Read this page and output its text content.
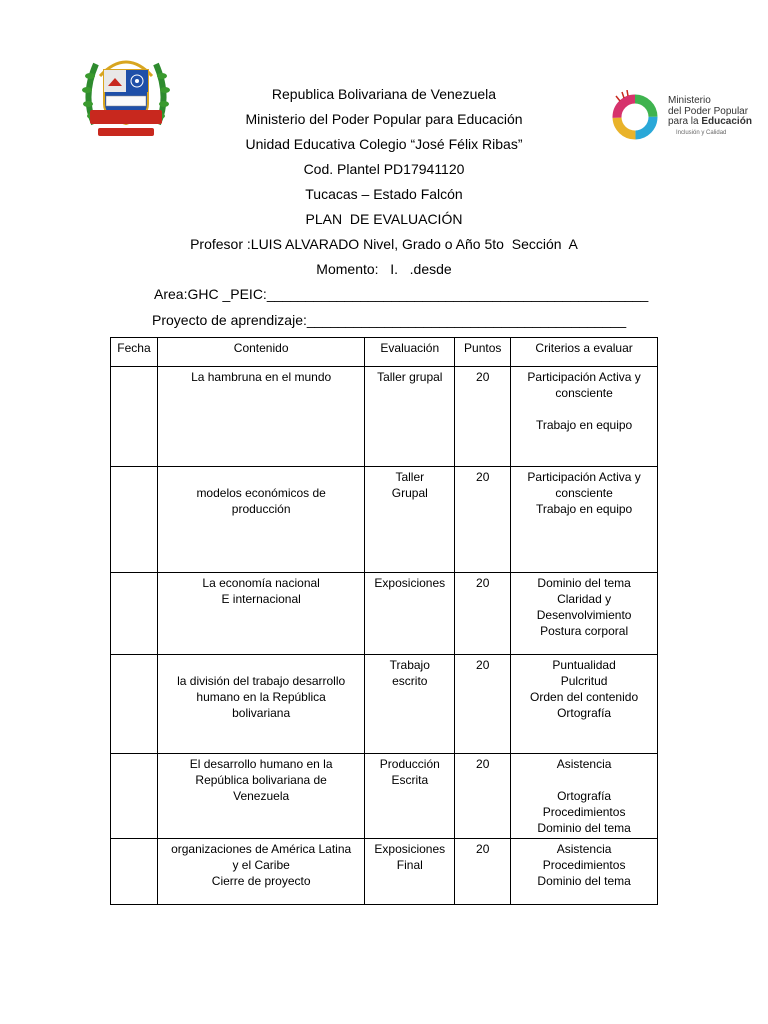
Ministerio
del Poder Popular
para la Educación
Inclusión y Calidad
Republica Bolivariana de Venezuela
Ministerio del Poder Popular para Educación
Unidad Educativa Colegio “José Félix Ribas”
Cod. Plantel PD17941120
Tucacas – Estado Falcón
PLAN  DE EVALUACIÓN
Profesor :LUIS ALVARADO Nivel, Grado o Año 5to  Sección  A
Momento:   I.   .desde
Area:GHC _PEIC:_________________________________________________
Proyecto de aprendizaje:_________________________________________
Fecha	Contenido	Evaluación	Puntos	Criterios a evaluar

	La hambruna en el mundo	Taller grupal	20	Participación Activa y
consciente
Trabajo en equipo

	modelos económicos de
producción	Taller
Grupal	20	Participación Activa y
consciente
Trabajo en equipo

	La economía nacional
E internacional	Exposiciones	20	Dominio del tema
Claridad y
Desenvolvimiento
Postura corporal

	la división del trabajo desarrollo
humano en la República
bolivariana	Trabajo
escrito	20	Puntualidad
Pulcritud
Orden del contenido
Ortografía

	El desarrollo humano en la
República bolivariana de
Venezuela	Producción
Escrita	20	Asistencia
Ortografía
Procedimientos
Dominio del tema

	organizaciones de América Latina
y el Caribe
Cierre de proyecto	Exposiciones
Final	20	Asistencia
Procedimientos
Dominio del tema
